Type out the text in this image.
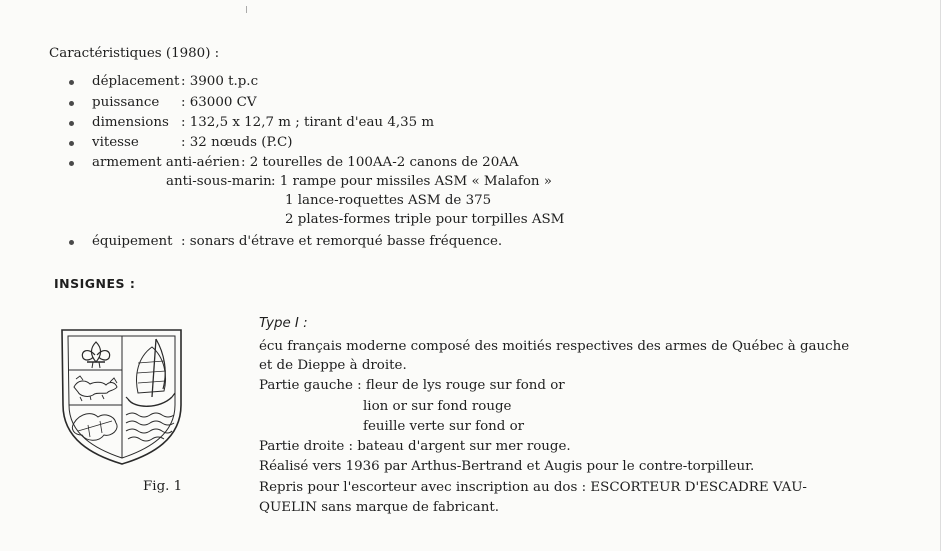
Caractéristiques (1980) :
déplacement : 3900 t.p.c
puissance : 63000 CV
dimensions : 132,5 x 12,7 m ; tirant d'eau 4,35 m
vitesse	: 32 nœuds (P.C)
armement anti-aérien : 2 tourelles de 100AA-2 canons de 20AA
anti-sous-marin : 1 rampe pour missiles ASM « Malafon »
1 lance-roquettes ASM de 375
2 plates-formes triple pour torpilles ASM
équipement : sonars d'étrave et remorqué basse fréquence.
INSIGNES :
Fig. 1
Type I :
écu français moderne composé des moitiés respectives des armes de Québec à gauche
et de Dieppe à droite.
Partie gauche : fleur de lys rouge sur fond or
lion or sur fond rouge
feuille verte sur fond or
Partie droite : bateau d'argent sur mer rouge.
Réalisé vers 1936 par Arthus-Bertrand et Augis pour le contre-torpilleur.
Repris pour l'escorteur avec inscription au dos : ESCORTEUR D'ESCADRE VAU-
QUELIN sans marque de fabricant.
